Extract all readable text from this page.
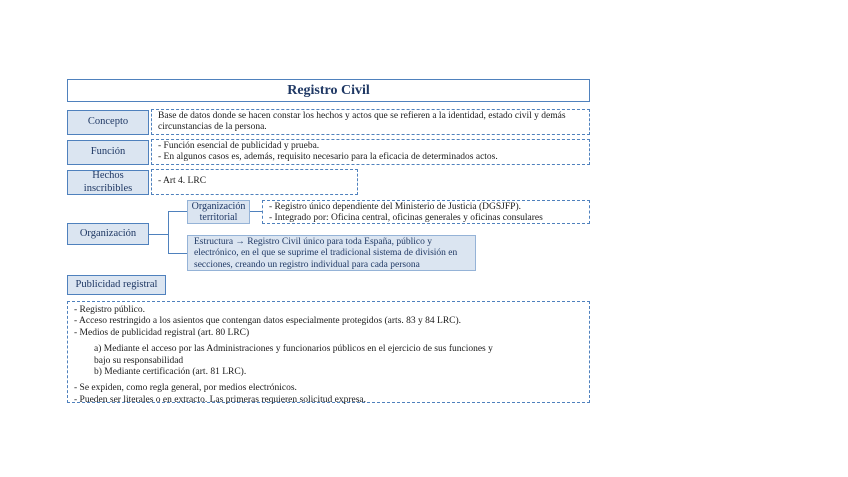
Registro Civil
Concepto
Base de datos donde se hacen constar los hechos y actos que se refieren a la identidad, estado civil y demás
circunstancias de la persona.
Función
- Función esencial de publicidad y prueba.
- En algunos casos es, además, requisito necesario para la eficacia de determinados actos.
Hechos
inscribibles
- Art 4. LRC
Organización
Organización
territorial
- Registro único dependiente del Ministerio de Justicia (DGSJFP).
- Integrado por: Oficina central, oficinas generales y oficinas consulares
Estructura → Registro Civil único para toda España, público y
electrónico, en el que se suprime el tradicional sistema de división en
secciones, creando un registro individual para cada persona
Publicidad registral
- Registro público.
- Acceso restringido a los asientos que contengan datos especialmente protegidos (arts. 83 y 84 LRC).
- Medios de publicidad registral (art. 80 LRC)
a) Mediante el acceso por las Administraciones y funcionarios públicos en el ejercicio de sus funciones y
bajo su responsabilidad
b) Mediante certificación (art. 81 LRC).
- Se expiden, como regla general, por medios electrónicos.
- Pueden ser literales o en extracto. Las primeras requieren solicitud expresa.
